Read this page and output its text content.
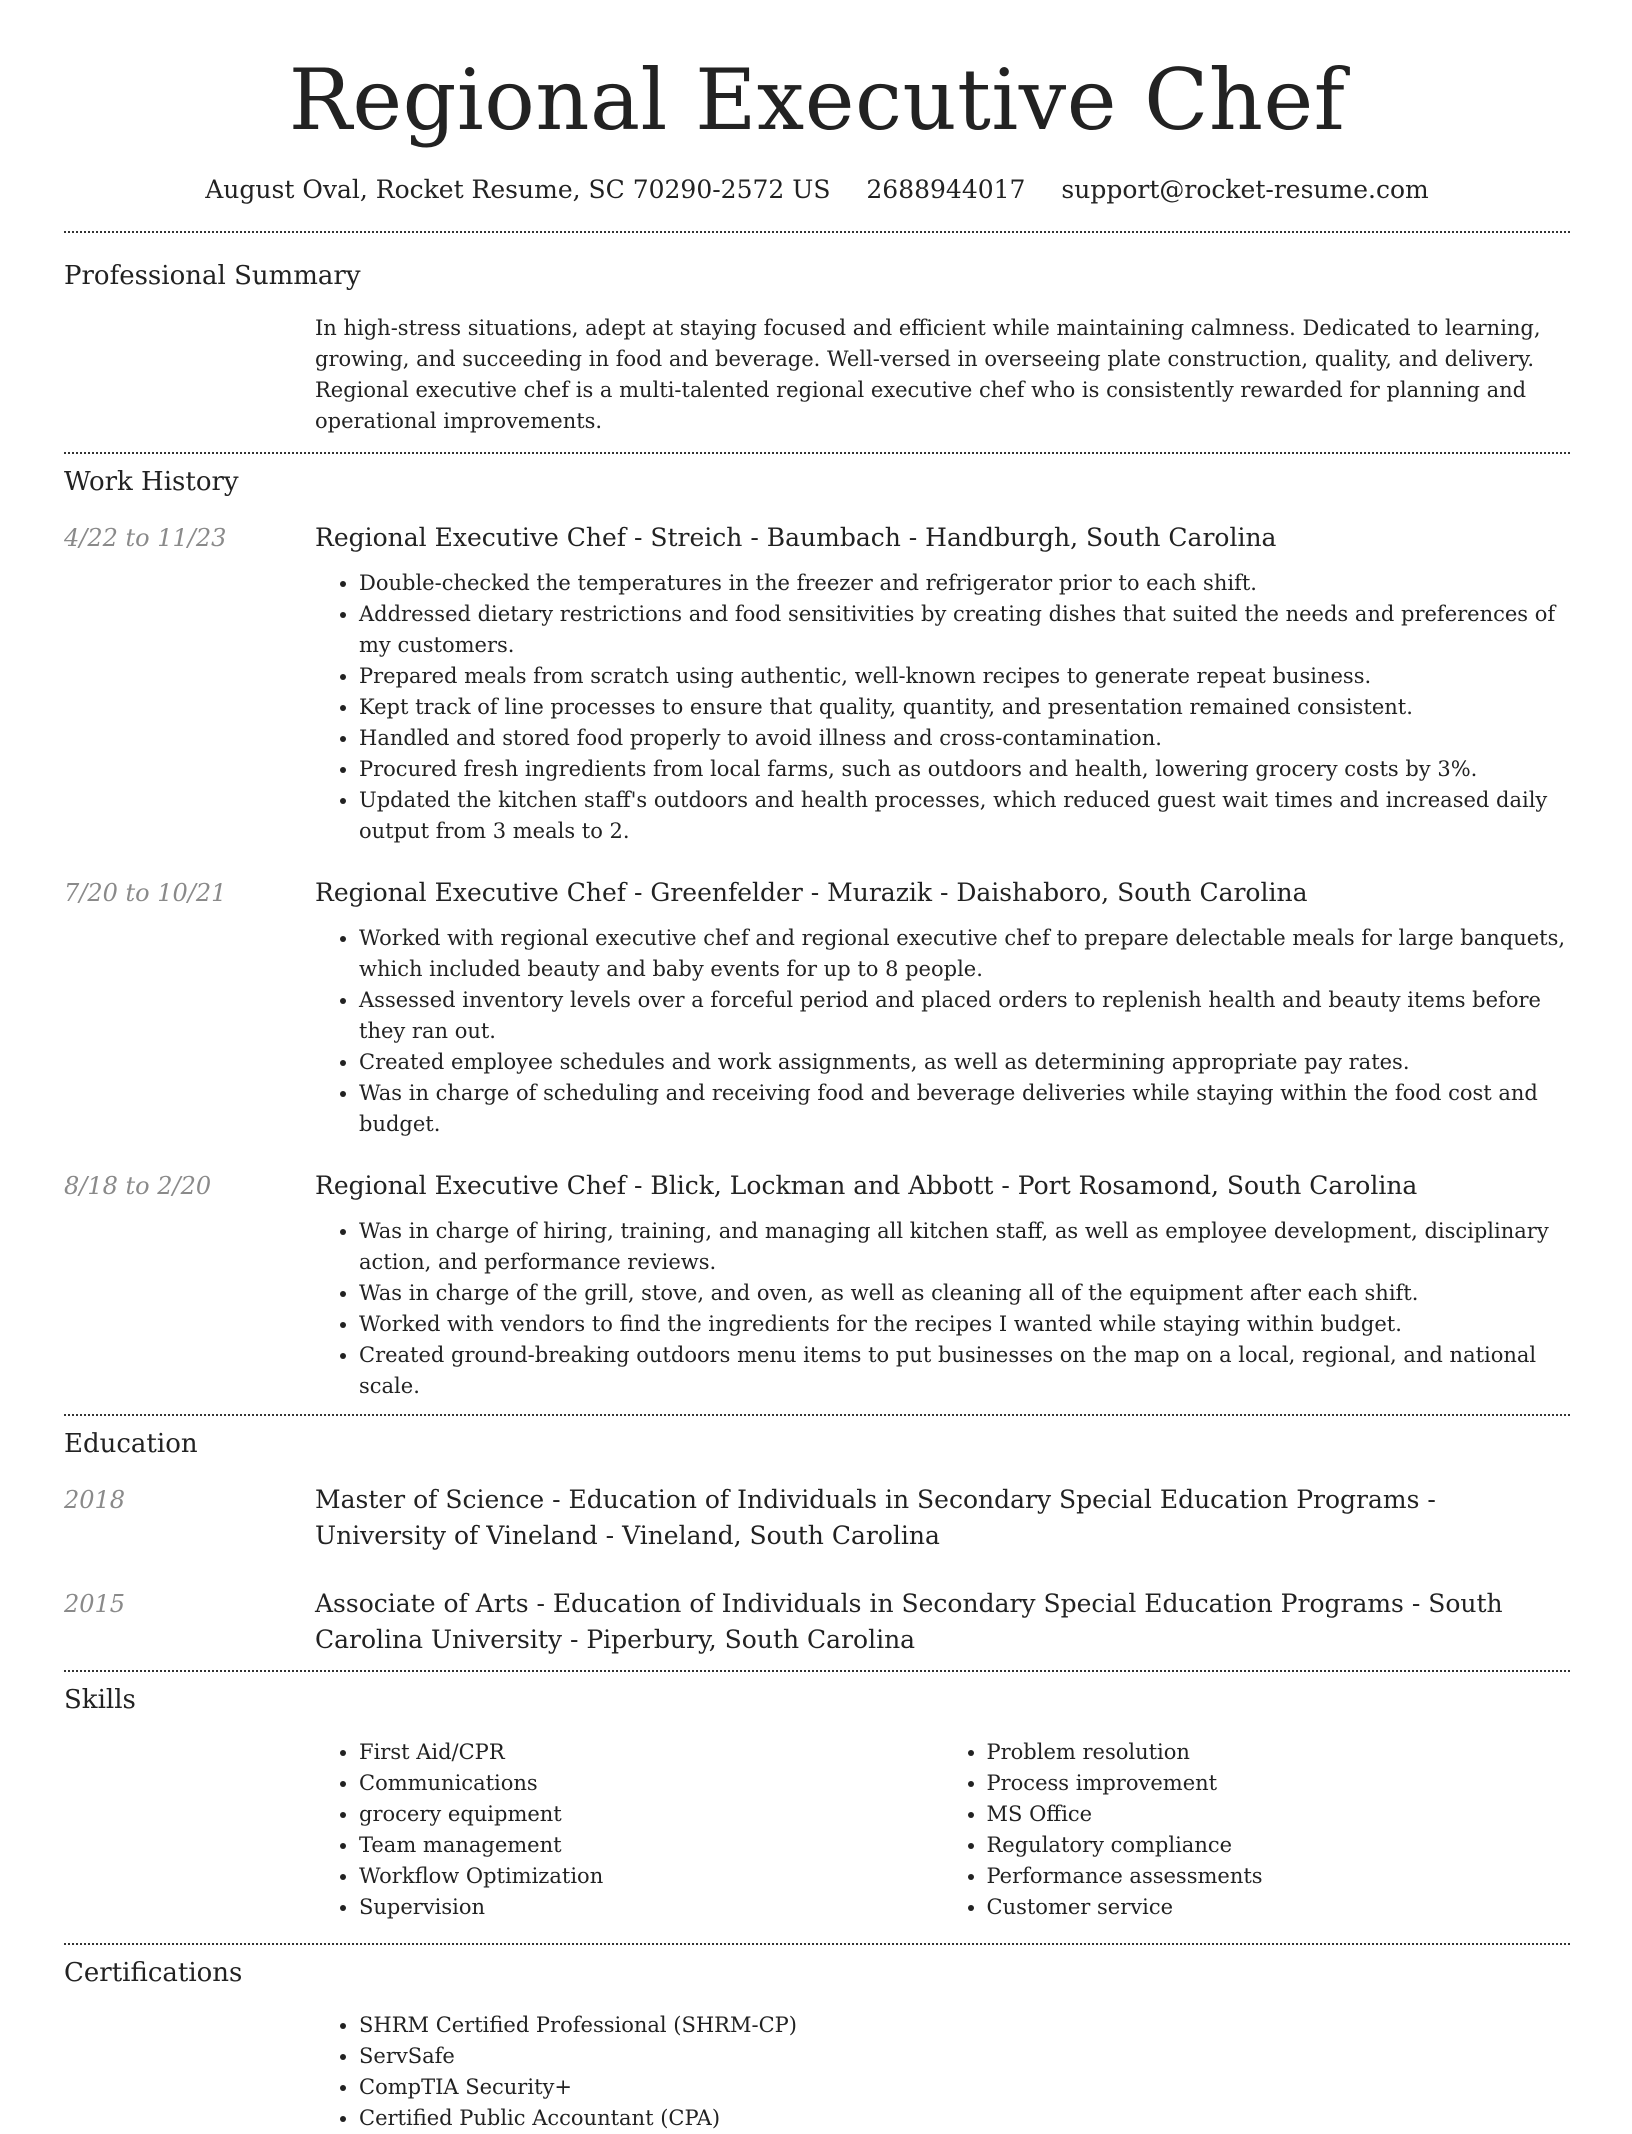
Regional Executive Chef
August Oval, Rocket Resume, SC 70290-2572 US 2688944017 support@rocket-resume.com
Professional Summary

In high-stress situations, adept at staying focused and efficient while maintaining calmness. Dedicated to learning, growing, and succeeding in food and beverage. Well-versed in overseeing plate construction, quality, and delivery. Regional executive chef is a multi-talented regional executive chef who is consistently rewarded for planning and operational improvements.

Work History
4/22 to 11/23	Regional Executive Chef - Streich - Baumbach - Handburgh, South Carolina
• Double-checked the temperatures in the freezer and refrigerator prior to each shift.
• Addressed dietary restrictions and food sensitivities by creating dishes that suited the needs and preferences of my customers.
• Prepared meals from scratch using authentic, well-known recipes to generate repeat business.
• Kept track of line processes to ensure that quality, quantity, and presentation remained consistent.
• Handled and stored food properly to avoid illness and cross-contamination.
• Procured fresh ingredients from local farms, such as outdoors and health, lowering grocery costs by 3%.
• Updated the kitchen staff's outdoors and health processes, which reduced guest wait times and increased daily output from 3 meals to 2.
7/20 to 10/21	Regional Executive Chef - Greenfelder - Murazik - Daishaboro, South Carolina
• Worked with regional executive chef and regional executive chef to prepare delectable meals for large banquets, which included beauty and baby events for up to 8 people.
• Assessed inventory levels over a forceful period and placed orders to replenish health and beauty items before they ran out.
• Created employee schedules and work assignments, as well as determining appropriate pay rates.
• Was in charge of scheduling and receiving food and beverage deliveries while staying within the food cost and budget.
8/18 to 2/20	Regional Executive Chef - Blick, Lockman and Abbott - Port Rosamond, South Carolina
• Was in charge of hiring, training, and managing all kitchen staff, as well as employee development, disciplinary action, and performance reviews.
• Was in charge of the grill, stove, and oven, as well as cleaning all of the equipment after each shift.
• Worked with vendors to find the ingredients for the recipes I wanted while staying within budget.
• Created ground-breaking outdoors menu items to put businesses on the map on a local, regional, and national scale.
Education
2018	Master of Science - Education of Individuals in Secondary Special Education Programs - University of Vineland - Vineland, South Carolina
2015	Associate of Arts - Education of Individuals in Secondary Special Education Programs - South Carolina University - Piperbury, South Carolina
Skills
• First Aid/CPR
• Communications
• grocery equipment
• Team management
• Workflow Optimization
• Supervision
• Problem resolution
• Process improvement
• MS Office
• Regulatory compliance
• Performance assessments
• Customer service
Certifications
• SHRM Certified Professional (SHRM-CP)
• ServSafe
• CompTIA Security+
• Certified Public Accountant (CPA)
